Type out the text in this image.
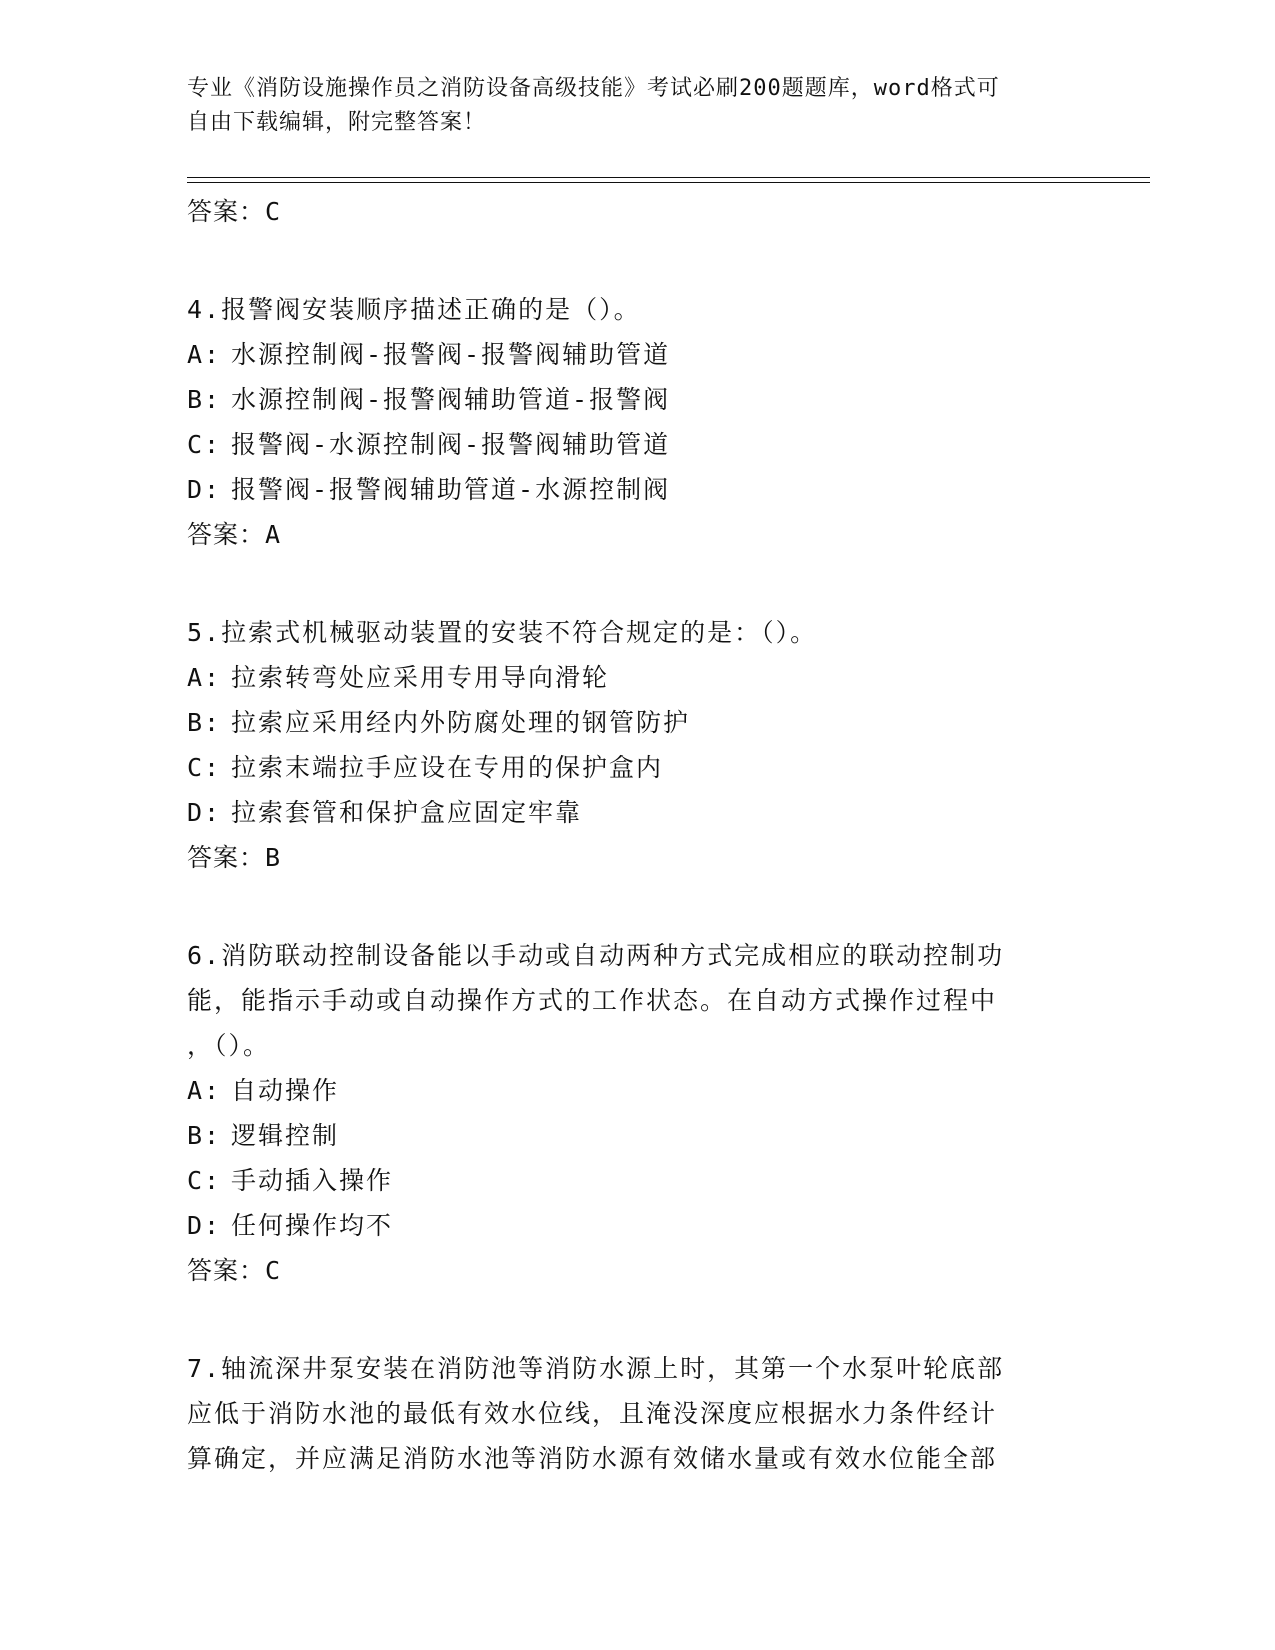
专业《消防设施操作员之消防设备高级技能》考试必刷200题题库，word格式可
自由下载编辑，附完整答案！
答案：C
4.报警阀安装顺序描述正确的是（）。
A: 水源控制阀-报警阀-报警阀辅助管道
B: 水源控制阀-报警阀辅助管道-报警阀
C: 报警阀-水源控制阀-报警阀辅助管道
D: 报警阀-报警阀辅助管道-水源控制阀
答案：A
5.拉索式机械驱动装置的安装不符合规定的是：（）。
A: 拉索转弯处应采用专用导向滑轮
B: 拉索应采用经内外防腐处理的钢管防护
C: 拉索末端拉手应设在专用的保护盒内
D: 拉索套管和保护盒应固定牢靠
答案：B
6.消防联动控制设备能以手动或自动两种方式完成相应的联动控制功
能，能指示手动或自动操作方式的工作状态。在自动方式操作过程中
，（）。
A: 自动操作
B: 逻辑控制
C: 手动插入操作
D: 任何操作均不
答案：C
7.轴流深井泵安装在消防池等消防水源上时，其第一个水泵叶轮底部
应低于消防水池的最低有效水位线，且淹没深度应根据水力条件经计
算确定，并应满足消防水池等消防水源有效储水量或有效水位能全部
